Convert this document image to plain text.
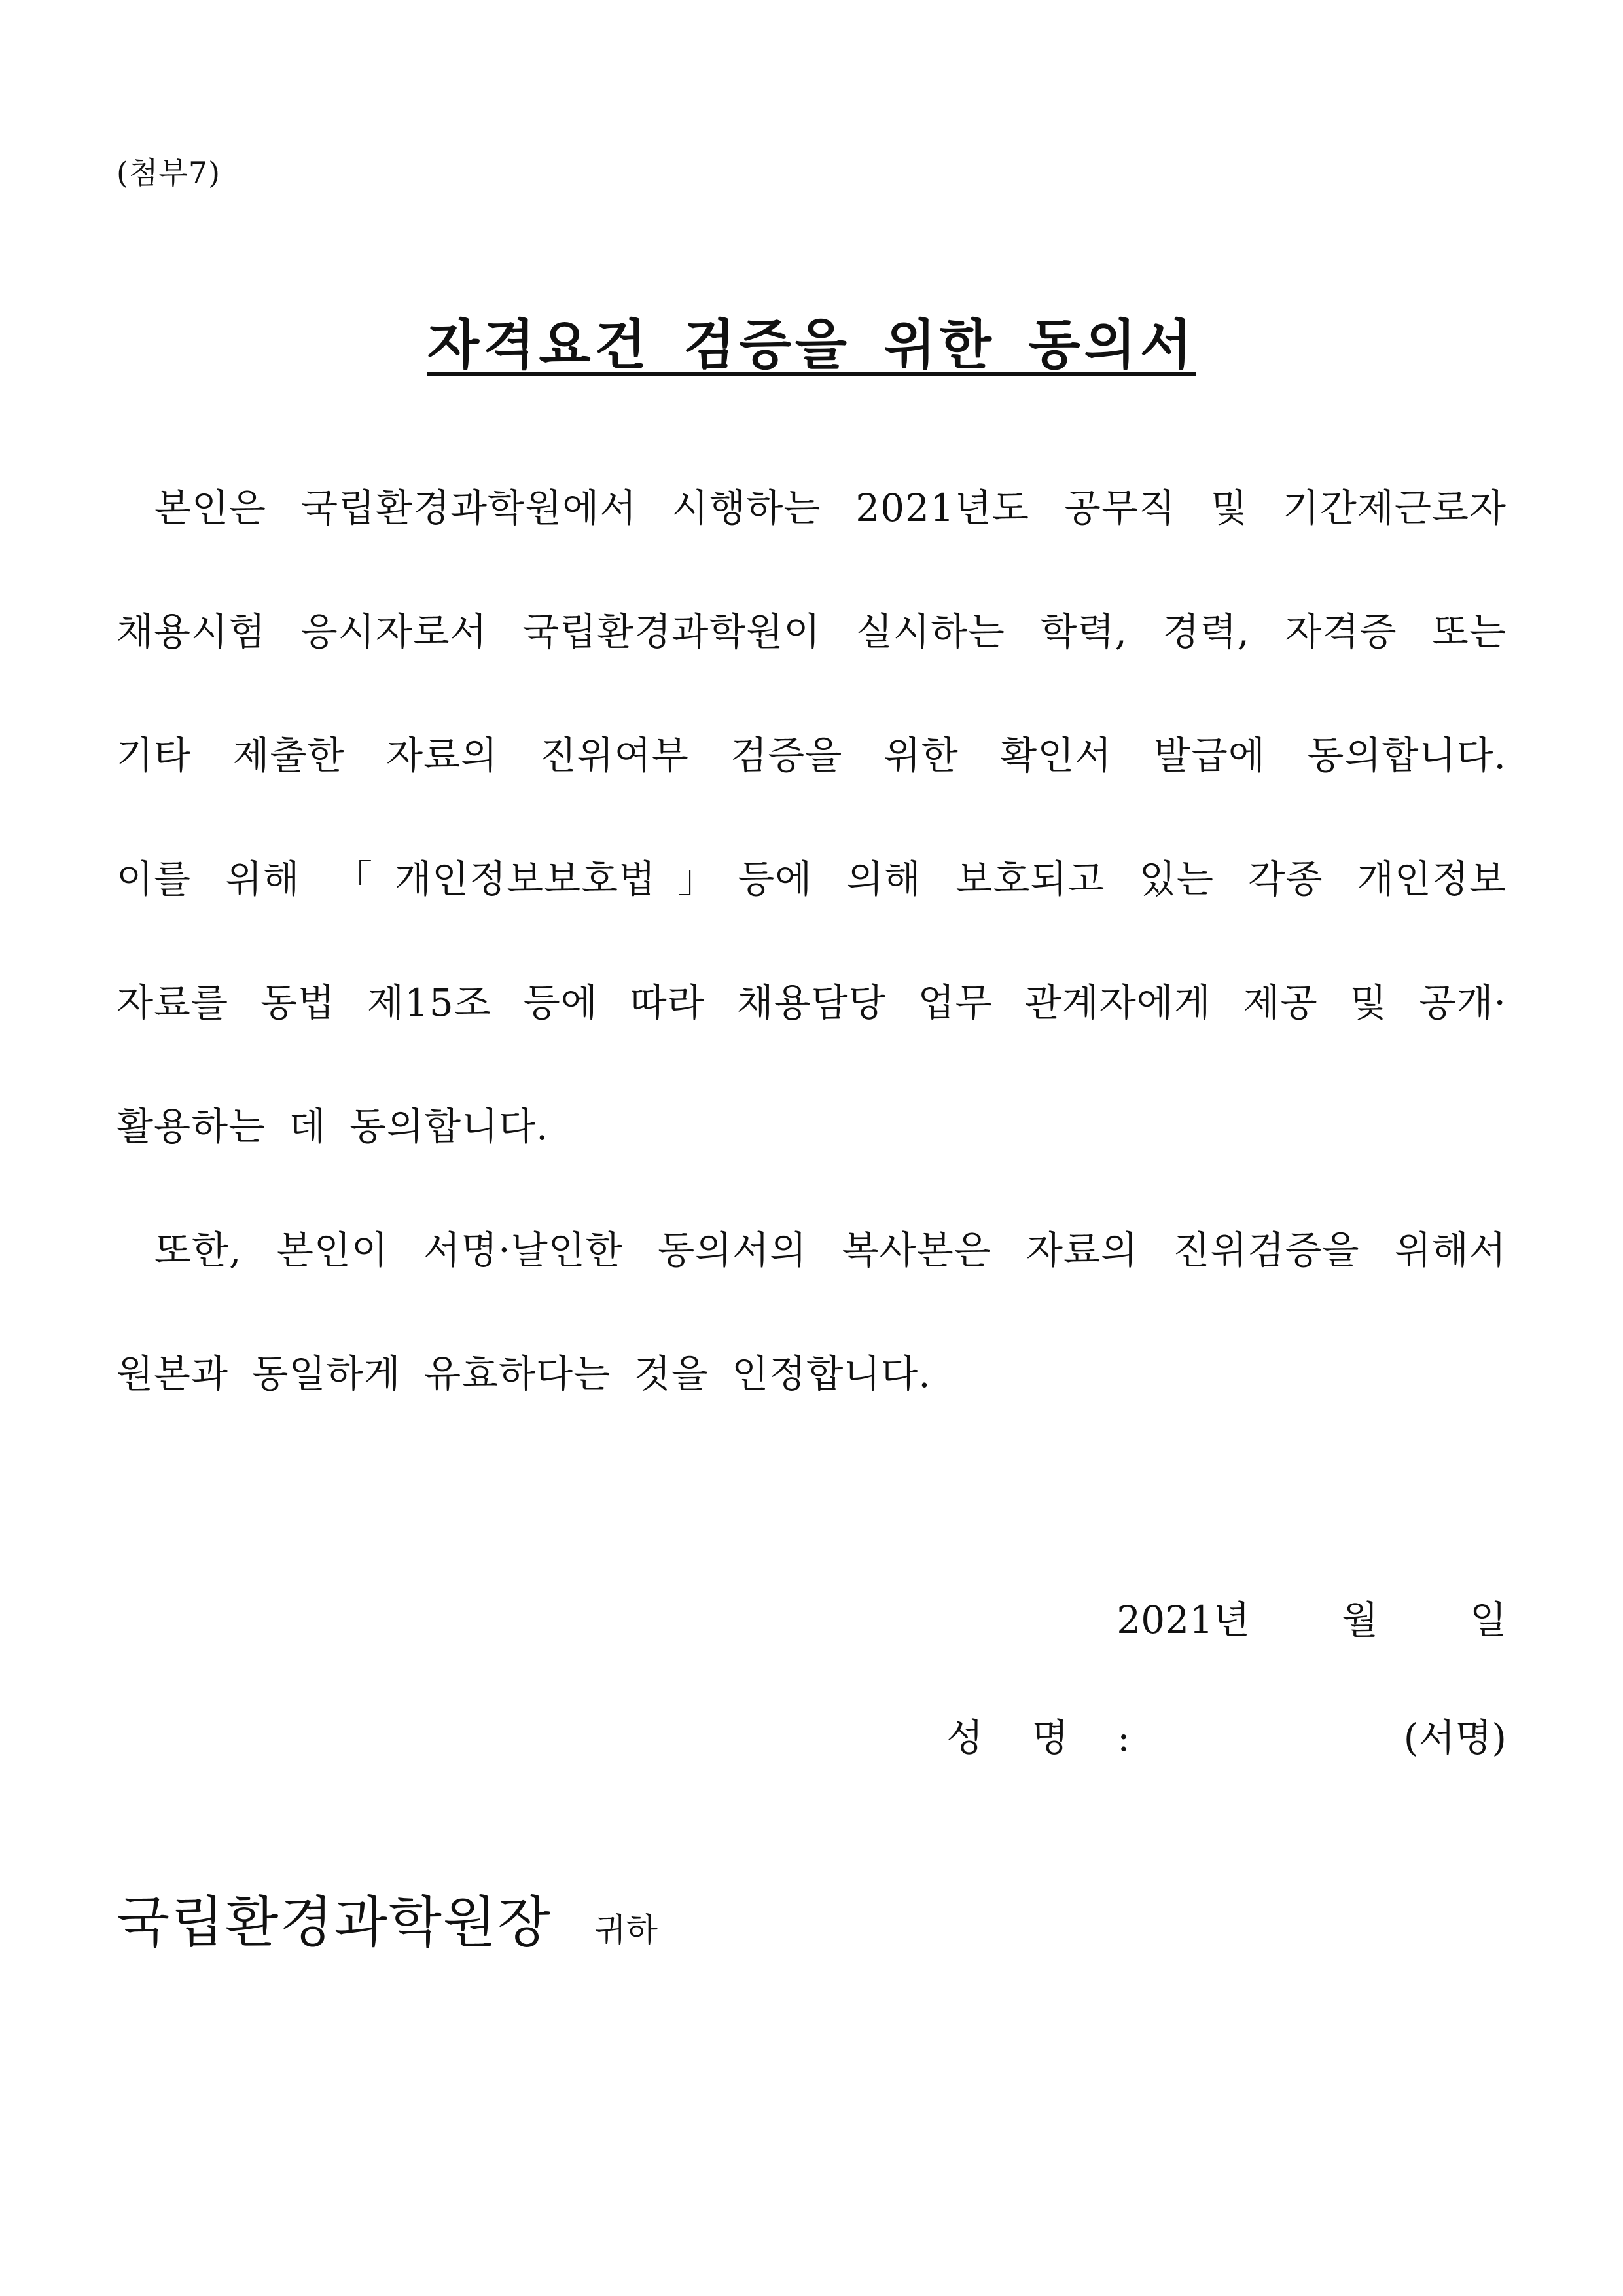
(첨부7)
자격요건 검증을 위한 동의서
본인은 국립환경과학원에서 시행하는 2021년도 공무직 및 기간제근로자
채용시험 응시자로서 국립환경과학원이 실시하는 학력, 경력, 자격증 또는
기타 제출한 자료의 진위여부 검증을 위한 확인서 발급에 동의합니다.
이를 위해 「개인정보보호법」등에 의해 보호되고 있는 각종 개인정보
자료를 동법 제15조 등에 따라 채용담당 업무 관계자에게 제공 및 공개·
활용하는 데 동의합니다.
또한, 본인이 서명·날인한 동의서의 복사본은 자료의 진위검증을 위해서
원본과 동일하게 유효하다는 것을 인정합니다.
2021년 월 일
성 명 :	(서명)
국립환경과학원장 귀하
